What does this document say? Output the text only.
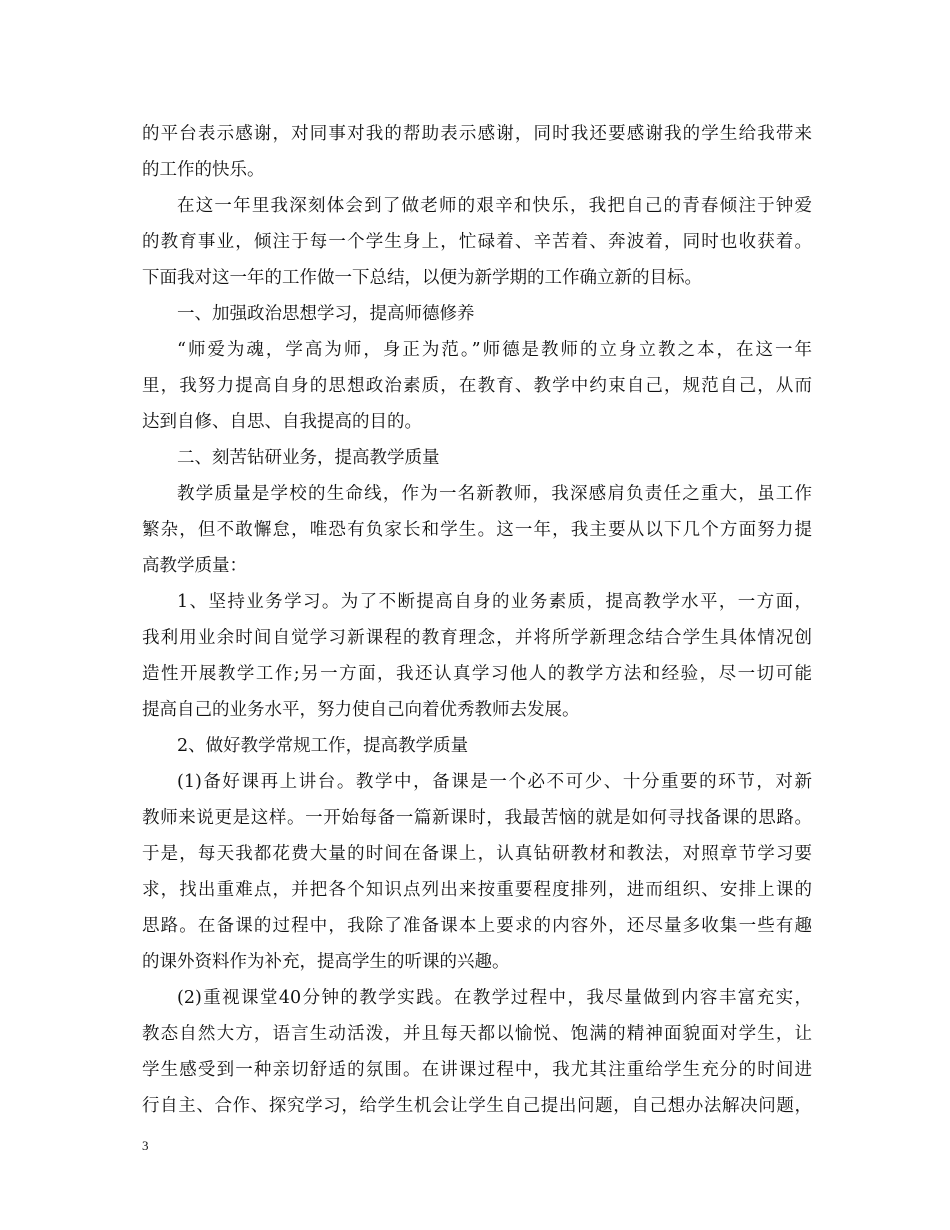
的平台表示感谢，对同事对我的帮助表示感谢，同时我还要感谢我的学生给我带来
的工作的快乐。
在这一年里我深刻体会到了做老师的艰辛和快乐，我把自己的青春倾注于钟爱
的教育事业，倾注于每一个学生身上，忙碌着、辛苦着、奔波着，同时也收获着。
下面我对这一年的工作做一下总结，以便为新学期的工作确立新的目标。
一、加强政治思想学习，提高师德修养
“师爱为魂，学高为师，身正为范。”师德是教师的立身立教之本，在这一年
里，我努力提高自身的思想政治素质，在教育、教学中约束自己，规范自己，从而
达到自修、自思、自我提高的目的。
二、刻苦钻研业务，提高教学质量
教学质量是学校的生命线，作为一名新教师，我深感肩负责任之重大，虽工作
繁杂，但不敢懈怠，唯恐有负家长和学生。这一年，我主要从以下几个方面努力提
高教学质量：
1、坚持业务学习。为了不断提高自身的业务素质，提高教学水平，一方面，
我利用业余时间自觉学习新课程的教育理念，并将所学新理念结合学生具体情况创
造性开展教学工作;另一方面，我还认真学习他人的教学方法和经验，尽一切可能
提高自己的业务水平，努力使自己向着优秀教师去发展。
2、做好教学常规工作，提高教学质量
(1)备好课再上讲台。教学中，备课是一个必不可少、十分重要的环节，对新
教师来说更是这样。一开始每备一篇新课时，我最苦恼的就是如何寻找备课的思路。
于是，每天我都花费大量的时间在备课上，认真钻研教材和教法，对照章节学习要
求，找出重难点，并把各个知识点列出来按重要程度排列，进而组织、安排上课的
思路。在备课的过程中，我除了准备课本上要求的内容外，还尽量多收集一些有趣
的课外资料作为补充，提高学生的听课的兴趣。
(2)重视课堂40分钟的教学实践。在教学过程中，我尽量做到内容丰富充实，
教态自然大方，语言生动活泼，并且每天都以愉悦、饱满的精神面貌面对学生，让
学生感受到一种亲切舒适的氛围。在讲课过程中，我尤其注重给学生充分的时间进
行自主、合作、探究学习，给学生机会让学生自己提出问题，自己想办法解决问题，
3
